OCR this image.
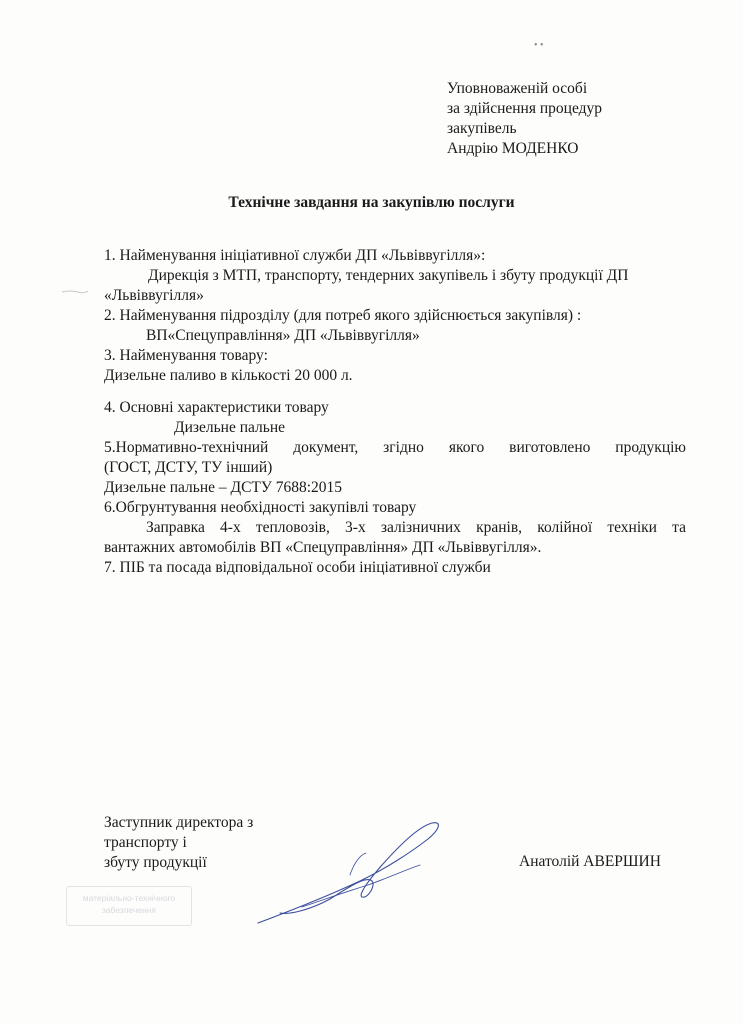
• •
Уповноваженій особі
за здійснення процедур
закупівель
Андрію МОДЕНКО
Технічне завдання на закупівлю послуги
1. Найменування ініціативної служби ДП «Львіввугілля»:
Дирекція з МТП, транспорту, тендерних закупівель і збуту продукції ДП
«Львіввугілля»
2. Найменування підрозділу (для потреб якого здійснюється закупівля) :
ВП«Спецуправління» ДП «Львіввугілля»
3. Найменування товару:
Дизельне паливо в кількості 20 000 л.
4. Основні характеристики товару
Дизельне пальне
5.Нормативно-технічний документ, згідно якого виготовлено продукцію
(ГОСТ, ДСТУ, ТУ інший)
Дизельне пальне – ДСТУ 7688:2015
6.Обгрунтування необхідності закупівлі товару
Заправка 4-х тепловозів, 3-х залізничних кранів, колійної техніки та
вантажних автомобілів ВП «Спецуправління» ДП «Львіввугілля».
7. ПІБ та посада відповідальної особи ініціативної служби
Заступник директора з
транспорту і
збуту продукції	Анатолій АВЕРШИН
матеріально-технічного
забезпечення
